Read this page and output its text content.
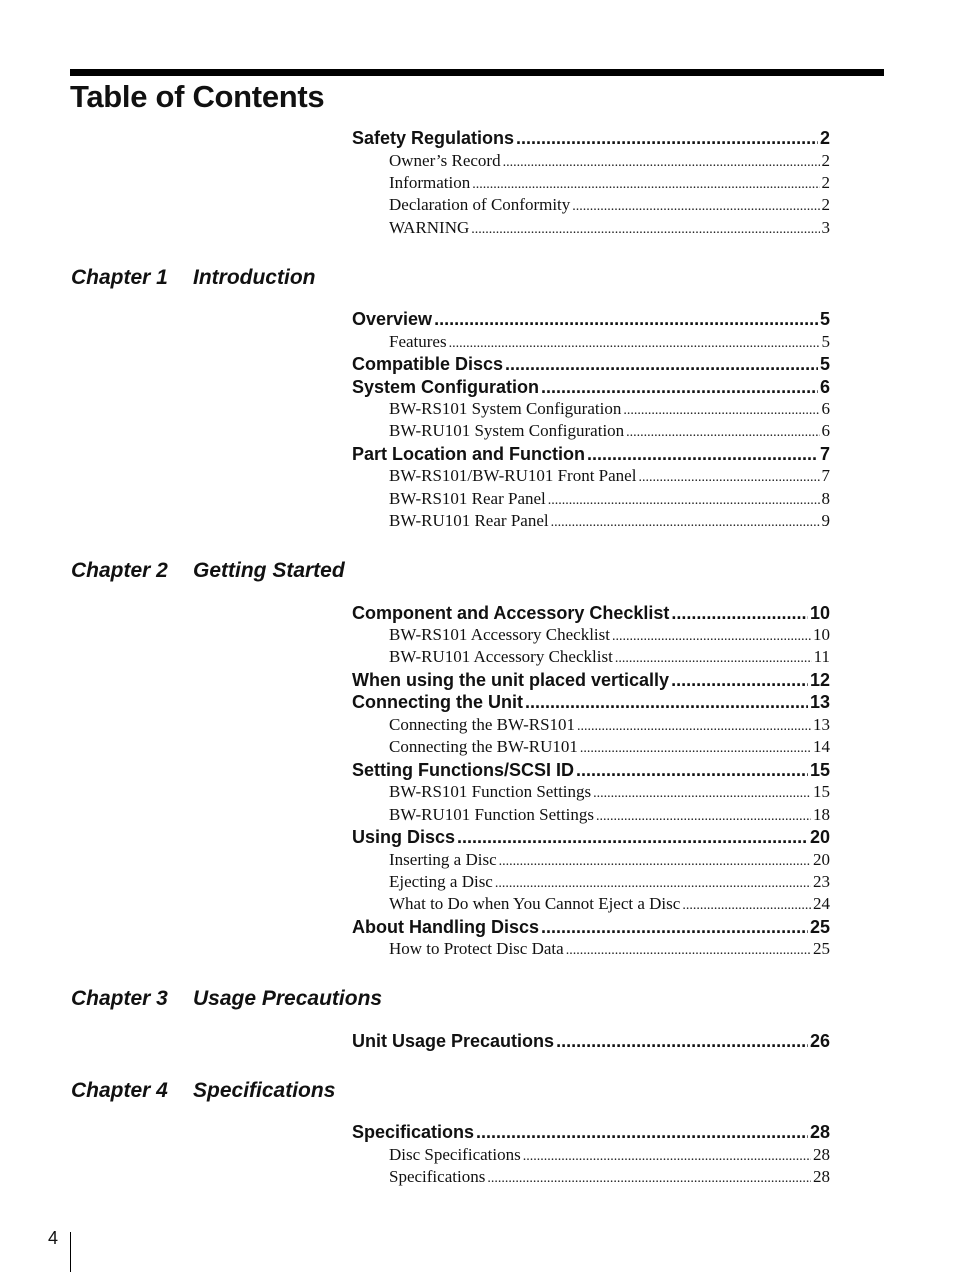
Table of Contents
Safety Regulations .....	2
Owner’s Record .....	2
Information .....	2
Declaration of Conformity .....	2
WARNING .....	3
Chapter 1 Introduction
Overview .....	5
Features .....	5
Compatible Discs .....	5
System Configuration .....	6
BW-RS101 System Configuration .....	6
BW-RU101 System Configuration .....	6
Part Location and Function .....	7
BW-RS101/BW-RU101 Front Panel .....	7
BW-RS101 Rear Panel .....	8
BW-RU101 Rear Panel .....	9
Chapter 2 Getting Started
Component and Accessory Checklist .....	10
BW-RS101 Accessory Checklist .....	10
BW-RU101 Accessory Checklist .....	11
When using the unit placed vertically .....	12
Connecting the Unit .....	13
Connecting the BW-RS101 .....	13
Connecting the BW-RU101 .....	14
Setting Functions/SCSI ID .....	15
BW-RS101 Function Settings .....	15
BW-RU101 Function Settings .....	18
Using Discs .....	20
Inserting a Disc .....	20
Ejecting a Disc .....	23
What to Do when You Cannot Eject a Disc .....	24
About Handling Discs .....	25
How to Protect Disc Data .....	25
Chapter 3 Usage Precautions
Unit Usage Precautions .....	26
Chapter 4 Specifications
Specifications .....	28
Disc Specifications .....	28
Specifications .....	28
4
